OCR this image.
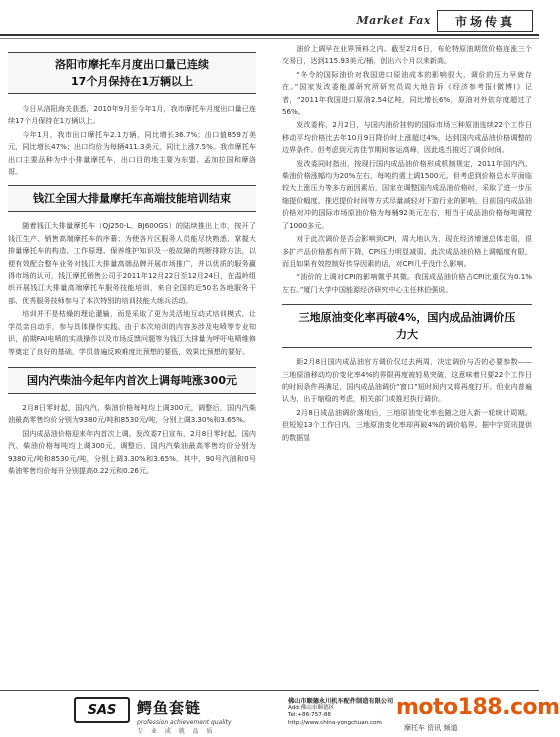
Market Fax	市场传真
洛阳市摩托车月度出口量已连续
17个月保持在1万辆以上

今日从洛阳海关获悉，2010年9月至今年1月，我市摩托车月度出口量已连续17个月保持在1万辆以上。

今年1月，我市出口摩托车2.1万辆，同比增长36.7%；出口值859万美元，同比增长47%；出口均价为每辆411.3美元，同比上涨7.5%。我市摩托车出口主要品种为中小排量摩托车，出口目的地主要为东盟、孟加拉国和摩洛哥。

钱江全国大排量摩托车高端技能培训结束

随着钱江大排量摩托车（QJ250-L、BJ600GS）的陆续推出上市，按开了钱江生产、销售高端摩托车的序幕；为使各片区服务人员能尽快熟悉、掌握大排量摩托车的构造、工作原理、保养维护知识及一般故障的判断排除方法，以便有效配合整车业务对钱江大排量高端品牌开展市场推广，并以优质的服务赢得市场的认可，钱江摩托销售公司于2011年12月22日至12月24日，在温岭组织开展钱江大排量高端摩托车服务技能培训，来自全国的近50名各地服务干部、优秀服务技师参与了本次特别的培训技能大练兵活动。

培训并不是枯燥的理论灌输，而是采取了更为灵活地互动式培训模式，让学员亲自动手，参与具体操作实践。由于本次培训的内容多涉及电喷等专业知识，前期FAI电喷的实战操作以及市场反馈问题等为钱江大排量为呼吁电喷维修等奠定了良好的基础，学员普遍反映难度比预想的要低，效果比预想的要好。

国内汽柴油今起年内首次上调每吨涨300元

2月8日零时起，国内汽、柴油价格每吨均上调300元，调整后，国内汽柴油最高零售均价分别为9380元/吨和8530元/吨，分别上调3.30%和3.65%。

国内成品油价格迎来年内首次上调。发改委7日宣布，2月8日零时起，国内汽、柴油价格每吨均上调300元，调整后，国内汽柴油最高零售均价分别为9380元/吨和8530元/吨，分别上调3.30%和3.65%。其中，90号汽油和0号柴油零售均价每升分别提高0.22元和0.26元。

油价上调早在业界预料之内。截至2月6日，布伦特原油期货价格连涨三个交易日，达到115.93美元/桶，创出六个月以来新高。

“冬令的国际油价对我国进口原油成本的影响很大，调价的压力早就存在。”国家发改委能源研究所研究员周大地告诉《经济参考报(微博)》记者，“2011年我国进口原油2.54亿吨，同比增长6%，原油对外依存度超过了56%。

发改委称，2月2日，与国内油价挂钩的国际市场三种原油连续22个工作日移动平均价格比去年10月9日降价时上涨超过4%，达到国内成品油价格调整的边界条件。但考虑到元宵佳节期间客运高峰，因此选当推迟了调价时间。

发改委同时指出，按现行国内成品油价格形成机制规定，2011年国内汽、柴油价格涨幅均为20%左右，每吨约需上调1500元。但考虑到价格总水平面临较大上涨压力等多方面因素后，国家在调整国内成品油价格时，采取了进一步压缩提价幅度、推迟提价时间等方式尽量减轻对下游行业的影响，目前国内成品油价格对冲的国际市场原油价格为每桶92美元左右，相当于成品油价格每吨调控了1000多元。

对于此次调价是否会影响到CPI，周大地认为，现在经济增速总体走弱，很多扩产品价格都有所下降，CPI压力明显减弱。此次成品油价格上调幅度有限，而且如果有效控制好传导因素的话，对CPI几乎没什么影响。

“油价的上调对CPI的影响微乎其微。我国成品油价格占CPI比重仅为0.1%左右。”厦门大学中国能源经济研究中心主任林伯强说。

三地原油变化率再破4%，国内成品油调价压
力大

距2月8日国内成品油官方调价仅过去两周，决定调价与否的必要参数——三地原油移动均价变化率4%的界限再度被轻易突破，这意味着只要22个工作日的时间条件再满足，国内成品油调价“窗口”短时间内又将再度打开。但业内普遍认为，出于缩稳的考虑，相关部门或推迟执行调价。

2月8日成品油调价落地后，三地原油变化率也随之进入新一轮统计周期。但短短13个工作日内，三地原油变化率却再破4%的调价临界。据中宇资讯提供的数据显

SAS	鳄鱼套链
profession achievement quality
专 业 成 就 品 质
佛山市顺德永川机车配件制造有限公司
Add:佛山市顺德区
Tel:+86-757-88
http://www.china-yongchuan.com
moto188.com
摩托车 资讯 频道
